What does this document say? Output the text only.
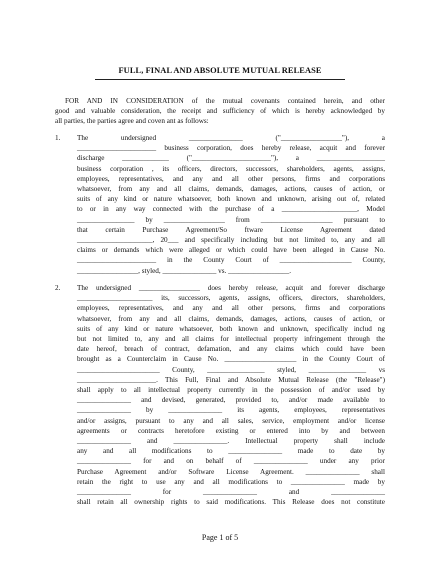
FULL, FINAL AND ABSOLUTE MUTUAL RELEASE
FOR AND IN CONSIDERATION of the mutual covenants contained herein, and other
good and valuable consideration, the receipt and sufficiency of which is hereby acknowledged by
all parties, the parties agree and coven ant as follows:
1. The undersigned _______________ ("_________________"), a
______________________ business corporation, does hereby release, acquit and forever
discharge _____________ ("______________________"), a ___________________
business corporation , its officers, directors, successors, shareholders, agents, assigns,
employees, representatives, and any and all other persons, firms and corporations
whatsoever, from any and all claims, demands, damages, actions, causes of action, or
suits of any kind or nature whatsoever, both known and unknown, arising out of, related
to or in any way connected with the purchase of a _____________________, Model
________________ by _________________ from ____________________ pursuant to
that certain Purchase Agreement/So ftware License Agreement dated
_____________________, 20___ and specifically including but not limited to, any and all
claims or demands which were alleged or which could have been alleged in Cause No.
______________________ in the County Court of ____________________ County,
_________________, styled, _______________ vs. _________________.
2. The undersigned _________________ does hereby release, acquit and forever discharge
_____________________ its, successors, agents, assigns, officers, directors, shareholders,
employees, representatives, and any and all other persons, firms and corporations
whatsoever, from any and all claims, demands, damages, actions, causes of action, or
suits of any kind or nature whatsoever, both known and unknown, specifically includ ng
but not limited to, any and all claims for intellectual property infringement through the
date hereof, breach of contract, defamation, and any claims which could have been
brought as a Counterclaim in Cause No. ____________________ in the County Court of
_______________________ County, ________________ styled, ________________ vs
______________________. This Full, Final and Absolute Mutual Release (the "Release")
shall apply to all intellectual property currently in the possession of and/or used by
_______________ and devised, generated, provided to, and/or made available to
_______________ by _______________ its agents, employees, representatives
and/or assigns, pursuant to any and all sales, service, employment and/or license
agreements or contracts heretofore existing or entered into by and between
_______________ and _______________. Intellectual property shall include
any and all modifications to _______________ made to date by
_______________ for and on behalf of _______________ under any prior
Purchase Agreement and/or Software License Agreement. _______________ shall
retain the right to use any and all modifications to _______________ made by
_______________ for _______________ and _______________
shall retain all ownership rights to said modifications. This Release does not constitute
Page 1 of 5
